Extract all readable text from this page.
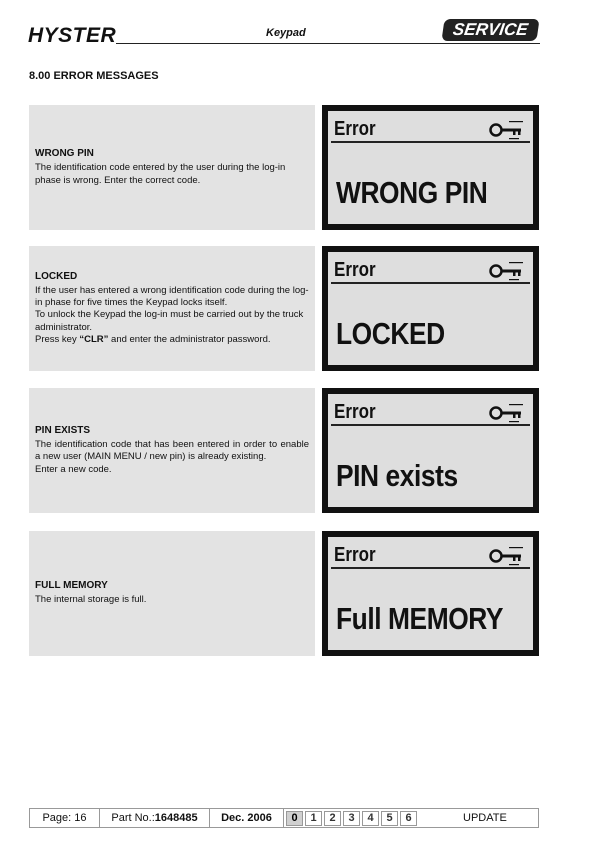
HYSTER	Keypad	SERVICE
8.00 ERROR MESSAGES
WRONG PIN

The identification code entered by the user during the log-in phase is wrong. Enter the correct code.

Error
WRONG PIN
LOCKED

If the user has entered a wrong identification code during the log-in phase for five times the Keypad locks itself.

To unlock the Keypad the log-in must be carried out by the truck administrator.

Press key “CLR” and enter the administrator password.

Error
LOCKED
PIN EXISTS

The identification code that has been entered in order to enable a new user (MAIN MENU / new pin) is already existing.

Enter a new code.

Error
PIN exists
FULL MEMORY

The internal storage is full.

Error
Full MEMORY
Page: 16	Part No.: 1648485	Dec. 2006	0	1	2	3	4	5	6	UPDATE
